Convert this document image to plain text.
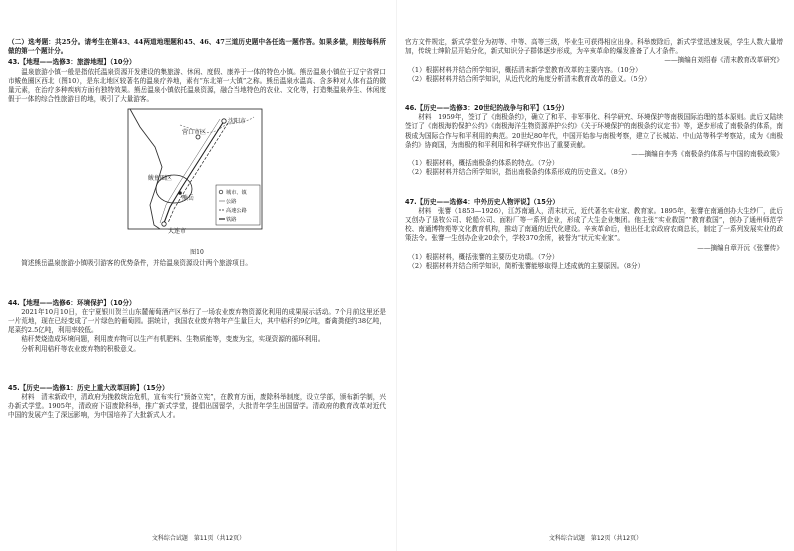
（二）选考题：共25分。请考生在第43、44两道地理题和45、46、47三道历史题中各任选一题作答。如果多做，则按每科所做的第一个题计分。

43.【地理——选修3：旅游地理】（10分）

温泉旅游小镇一般是指依托温泉资源开发建设的集旅游、休闲、度假、康养于一体的特色小镇。熊岳温泉小镇位于辽宁省营口市鲅鱼圈区西北（图10），是东北地区较著名的温泉疗养地，素有“东北第一大镇”之称。熊岳温泉水温高、含多种对人体有益的微量元素，在治疗多种疾病方面有独特效果。熊岳温泉小镇依托温泉资源，融合当地特色的农业、文化等，打造集温泉养生、休闲度假于一体的综合性旅游目的地，吸引了大量游客。

沈阳市
营口市区
鲅鱼圈区
熊岳
大连市
城市、镇
公路
高速公路
铁路
图10

简述熊岳温泉旅游小镇吸引游客的优势条件，并给温泉资源设计两个旅游项目。

44.【地理——选修6：环境保护】（10分）

2021年10月10日，在宁夏银川贺兰山东麓葡萄酒产区举行了一场农业废弃物资源化利用的成果展示活动。7个月前这里还是一片荒地，现在已经变成了一片绿色的葡萄园。据统计，我国农业废弃物年产生量巨大，其中秸秆约9亿吨，畜禽粪便约38亿吨，尾菜约2.5亿吨，利用率较低。

秸秆焚烧造成环境问题，利用废弃物可以生产有机肥料、生物质能等，变废为宝，实现资源的循环利用。

分析利用秸秆等农业废弃物的积极意义。

45.【历史——选修1：历史上重大改革回眸】（15分）

材料　清末新政中，清政府为挽救统治危机，宣布实行“预备立宪”，在教育方面，废除科举制度，设立学部，颁布新学制，兴办新式学堂。1905年，清政府下诏废除科举，推广新式学堂，提倡出国留学，大批青年学生出国留学。清政府的教育改革对近代中国的发展产生了深远影响，为中国培养了大批新式人才。

文科综合试题　第11页（共12页）

官方文件规定，新式学堂分为初等、中等、高等三级，毕业生可获得相应出身。科举废除后，新式学堂迅速发展，学生人数大量增加，传统士绅阶层开始分化，新式知识分子群体逐步形成，为辛亥革命的爆发准备了人才条件。

——摘编自刘绍春《清末教育改革研究》

（1）根据材料并结合所学知识，概括清末新学堂教育改革的主要内容。（10分）

（2）根据材料并结合所学知识，从近代化的角度分析清末教育改革的意义。（5分）

46.【历史——选修3：20世纪的战争与和平】（15分）

材料　1959年，签订了《南极条约》，确立了和平、非军事化、科学研究、环境保护等南极国际治理的基本原则。此后又陆续签订了《南极海豹保护公约》《南极海洋生物资源养护公约》《关于环境保护的南极条约议定书》等，逐步形成了南极条约体系，南极成为国际合作与和平利用的典范。20世纪80年代，中国开始参与南极考察，建立了长城站、中山站等科学考察站，成为《南极条约》协商国，为南极的和平利用和科学研究作出了重要贡献。

——摘编自李秀《南极条约体系与中国的南极政策》

（1）根据材料，概括南极条约体系的特点。（7分）

（2）根据材料并结合所学知识，指出南极条约体系形成的历史意义。（8分）

47.【历史——选修4：中外历史人物评说】（15分）

材料　张謇（1853—1926），江苏南通人，清末状元，近代著名实业家、教育家。1895年，张謇在南通创办大生纱厂，此后又创办了垦牧公司、轮船公司、面粉厂等一系列企业，形成了大生企业集团。他主张“实业救国”“教育救国”，创办了通州师范学校、南通博物苑等文化教育机构，推动了南通的近代化建设。辛亥革命后，他出任北京政府农商总长，制定了一系列发展实业的政策法令。张謇一生创办企业20余个，学校370余所，被誉为“状元实业家”。

——摘编自章开沅《张謇传》

（1）根据材料，概括张謇的主要历史功绩。（7分）

（2）根据材料并结合所学知识，简析张謇能够取得上述成就的主要原因。（8分）

文科综合试题　第12页（共12页）
